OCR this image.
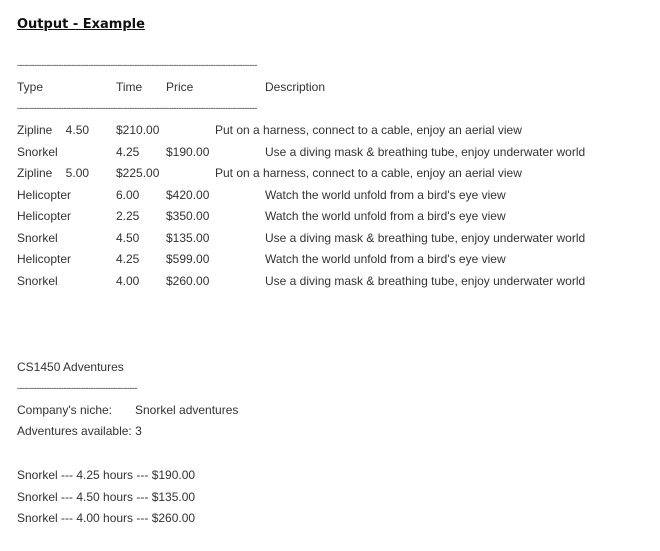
Output - Example
--------------------------------------------------------------------------------------------------
Type	Time Price	Description
--------------------------------------------------------------------------------------------------
Zipline    4.50 $210.00	Put on a harness, connect to a cable, enjoy an aerial view
Snorkel	4.25 $190.00	Use a diving mask & breathing tube, enjoy underwater world
Zipline    5.00 $225.00	Put on a harness, connect to a cable, enjoy an aerial view
Helicopter	6.00 $420.00	Watch the world unfold from a bird's eye view
Helicopter	2.25 $350.00	Watch the world unfold from a bird's eye view
Snorkel	4.50 $135.00	Use a diving mask & breathing tube, enjoy underwater world
Helicopter	4.25 $599.00	Watch the world unfold from a bird's eye view
Snorkel	4.00 $260.00	Use a diving mask & breathing tube, enjoy underwater world
CS1450 Adventures
-------------------------------------------------
Company's niche: Snorkel adventures
Adventures available: 3
Snorkel --- 4.25 hours --- $190.00
Snorkel --- 4.50 hours --- $135.00
Snorkel --- 4.00 hours --- $260.00
